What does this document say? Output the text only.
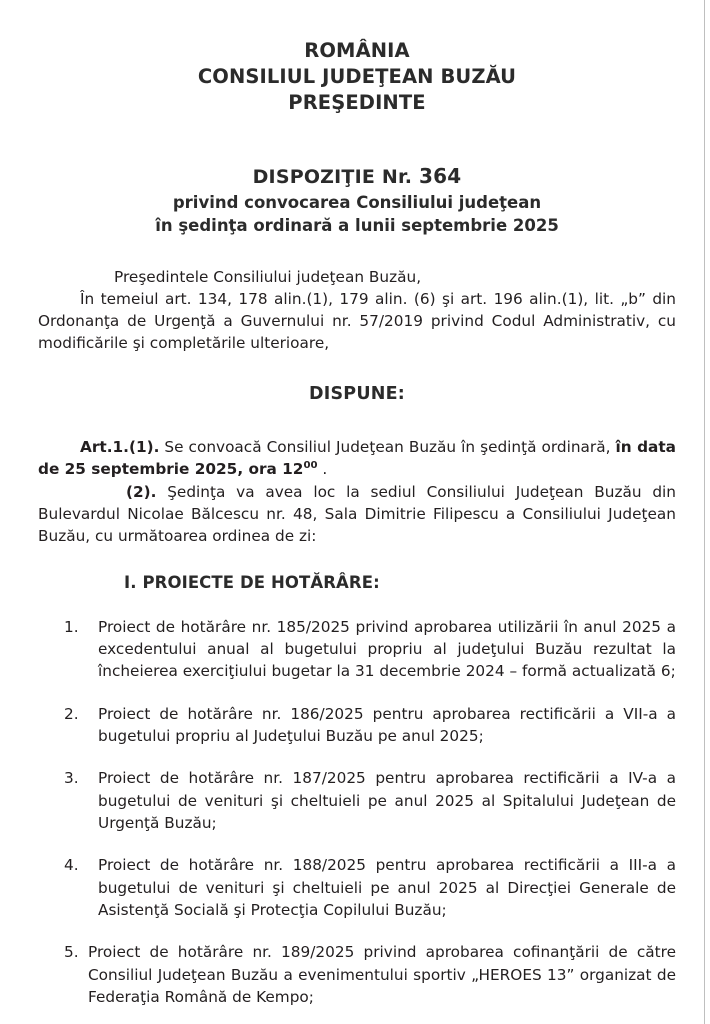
ROMÂNIA
CONSILIUL JUDEŢEAN BUZĂU
PREŞEDINTE
DISPOZIŢIE Nr. 364
privind convocarea Consiliului judeţean
în şedinţa ordinară a lunii septembrie 2025

Preşedintele Consiliului judeţean Buzău,

În temeiul art. 134, 178 alin.(1), 179 alin. (6) şi art. 196 alin.(1), lit. „b” din Ordonanţa de Urgenţă a Guvernului nr. 57/2019 privind Codul Administrativ, cu modificările şi completările ulterioare,

DISPUNE:

Art.1.(1). Se convoacă Consiliul Judeţean Buzău în şedinţă ordinară, în data de 25 septembrie 2025, ora $12^{00}$ .

(2). Şedinţa va avea loc la sediul Consiliului Judeţean Buzău din Bulevardul Nicolae Bălcescu nr. 48, Sala Dimitrie Filipescu a Consiliului Judeţean Buzău, cu următoarea ordinea de zi:

I. PROIECTE DE HOTĂRÂRE:
1.	Proiect de hotărâre nr. 185/2025 privind aprobarea utilizării în anul 2025 a excedentului anual al bugetului propriu al judeţului Buzău rezultat la încheierea exerciţiului bugetar la 31 decembrie 2024 – formă actualizată 6;
2.	Proiect de hotărâre nr. 186/2025 pentru aprobarea rectificării a VII-a a bugetului propriu al Judeţului Buzău pe anul 2025;
3.	Proiect de hotărâre nr. 187/2025 pentru aprobarea rectificării a IV-a a bugetului de venituri şi cheltuieli pe anul 2025 al Spitalului Judeţean de Urgenţă Buzău;
4.	Proiect de hotărâre nr. 188/2025 pentru aprobarea rectificării a III-a a bugetului de venituri şi cheltuieli pe anul 2025 al Direcţiei Generale de Asistenţă Socială şi Protecţia Copilului Buzău;
5. Proiect de hotărâre nr. 189/2025 privind aprobarea cofinanţării de către Consiliul Judeţean Buzău a evenimentului sportiv „HEROES 13” organizat de Federaţia Română de Kempo;
